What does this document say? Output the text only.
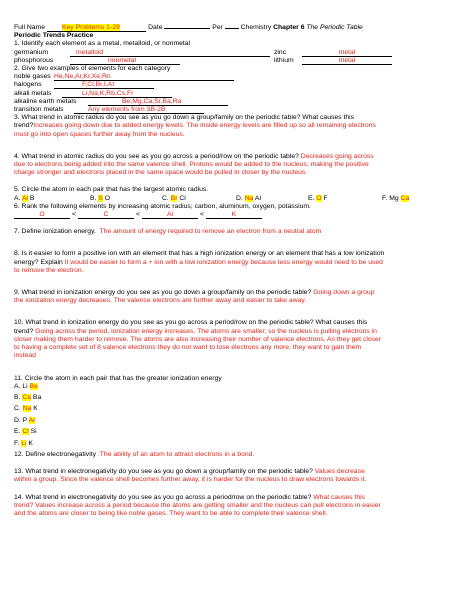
Full Name	Key Problems 1-29	Date	Per	Chemistry Chapter 6 The Periodic Table
Periodic Trends Practice
1. Identify each element as a metal, metalloid, or nonmetal
germanium	metalloid	zinc	metal
phosphorous	nonmetal	lithium	metal
2. Give two examples of elements for each category
noble gases He,Ne,Ar,Kr,Xe,Rn
halogens	F,Cl,Br,I,At
alkali metals	Li,Na,K,Rb,Cs,Fr
alkaline earth metals	Be,Mg,Ca,Sr,Ba,Ra
transition metals	Any elements from 3B-2B
3. What trend in atomic radius do you see as you go down a group/family on the periodic table? What causes this
trend?Increases going down due to added energy levels. The inside energy levels are filled up so all remaining electrons
must go into open spaces further away from the nucleus.
4. What trend in atomic radius do you see as you go across a period/row on the periodic table? Decreases going across
due to electrons being added into the same valence shell. Protons would be added to the nucleus, making the positive
charge stronger and electrons placed in the same space would be pulled in closer by the nucleus.
5. Circle the atom in each pair that has the largest atomic radius.
A. Al B	B. S O	C. Br Cl	D. Na Al	E. O F	F. Mg Ca
6. Rank the following elements by increasing atomic radius; carbon, aluminum, oxygen, potassium.
O	<	C	<	Al	<	K
7. Define ionization energy. The amount of energy required to remove an electron from a neutral atom
8. Is it easier to form a positive ion with an element that has a high ionization energy or an element that has a low ionization
energy? Explain It would be easier to form a + ion with a low ionization energy because less energy would need to be used
to remove the electron.
9. What trend in ionization energy do you see as you go down a group/family on the periodic table? Going down a group
the ionization energy decreases. The valence electrons are further away and easier to take away.
10. What trend in ionization energy do you see as you go across a period/row on the periodic table? What causes this
trend? Going across the period, ionization energy increases. The atoms are smaller, so the nucleus is pulling electrons in
closer making them harder to remove. The atoms are also increasing their number of valence electrons. As they get closer
to having a complete set of 8 valence electrons they do not want to lose electrons any more, they want to gain them
instead
11. Circle the atom in each pair that has the greater ionization energy
A. Li Be
B. Ca Ba
C. Na K
D. P Ar
E. Cl Si
F. Li K
12. Define electronegativity :The ability of an atom to attract electrons in a bond.
13. What trend in electronegativity do you see as you go down a group/family on the periodic table? Values decrease
within a group. Since the valence shell becomes further away, it is harder for the nucleus to draw electrons towards it.
14. What trend in electronegativity do you see as you go across a period/row on the periodic table? What causes this
trend? Values increase across a period because the atoms are getting smaller and the nucleus can pull electrons in easier
and the atoms are closer to being like noble gases. They want to be able to complete their valence shell.
